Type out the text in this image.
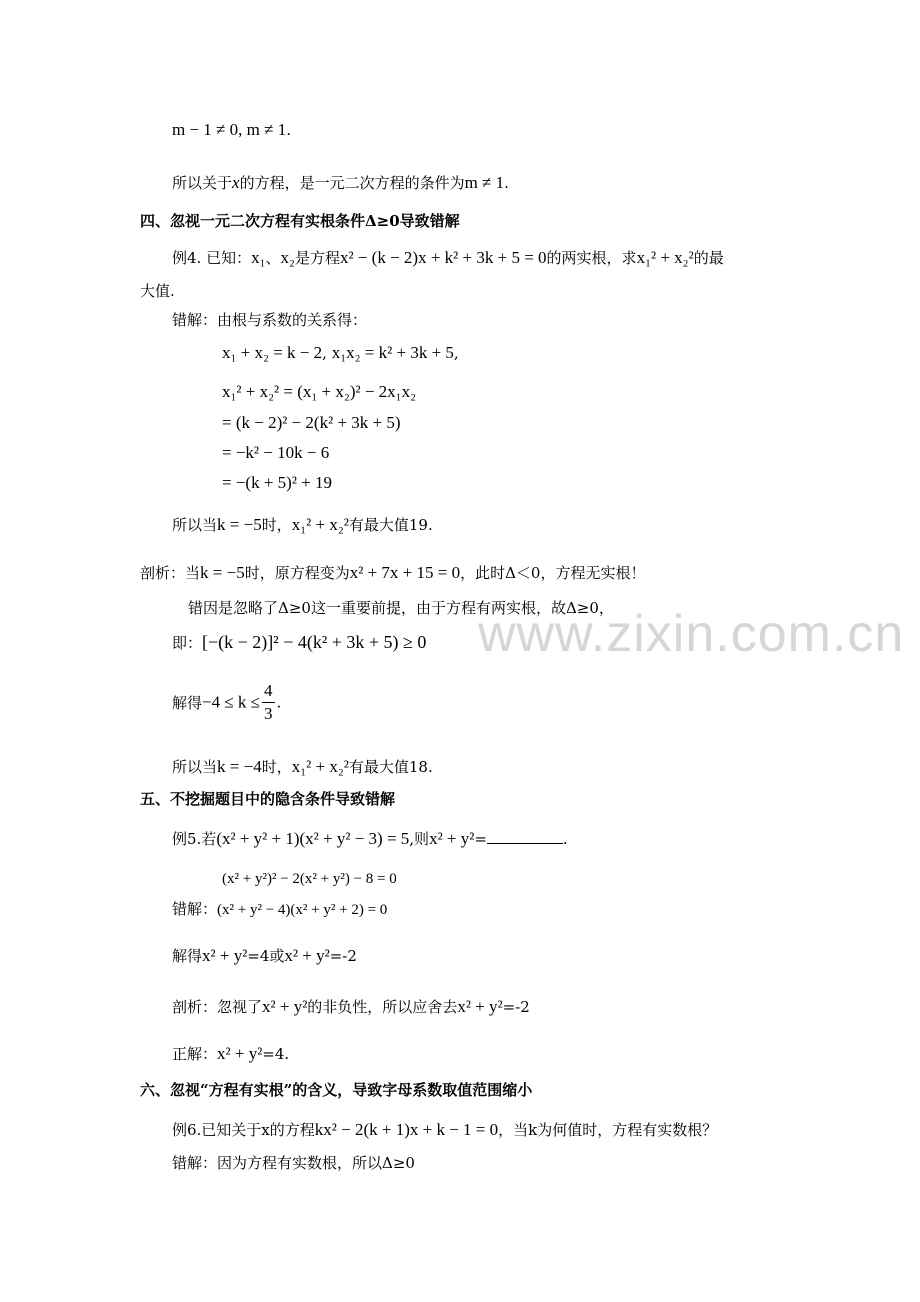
www.zixin.com.cn
m − 1 ≠ 0, m ≠ 1.
所以关于x的方程，是一元二次方程的条件为m ≠ 1.
四、忽视一元二次方程有实根条件Δ≥0导致错解
例4. 已知：x₁、x₂是方程x² − (k − 2)x + k² + 3k + 5 = 0的两实根，求x₁² + x₂²的最
大值.
错解：由根与系数的关系得：
x₁ + x₂ = k − 2, x₁x₂ = k² + 3k + 5,
x₁² + x₂² = (x₁ + x₂)² − 2x₁x₂
= (k − 2)² − 2(k² + 3k + 5)
= −k² − 10k − 6
= −(k + 5)² + 19
所以当k = −5时，x₁² + x₂²有最大值19.
剖析：当k = −5时，原方程变为x² + 7x + 15 = 0，此时Δ＜0，方程无实根！
错因是忽略了Δ≥0这一重要前提，由于方程有两实根，故Δ≥0，
即：[−(k − 2)]² − 4(k² + 3k + 5) ≥ 0
解得$-4 \le k \le \frac{4}{3}$ .
所以当k = −4时，x₁² + x₂²有最大值18.
五、不挖掘题目中的隐含条件导致错解
例5.若(x² + y² + 1)(x² + y² − 3) = 5,则x² + y²=	.
(x² + y²)² − 2(x² + y²) − 8 = 0
错解：(x² + y² − 4)(x² + y² + 2) = 0
解得x² + y²=4或x² + y²=-2
剖析：忽视了x² + y²的非负性，所以应舍去x² + y²=-2
正解：x² + y²=4.
六、忽视“方程有实根”的含义，导致字母系数取值范围缩小
例6.已知关于x的方程kx² − 2(k + 1)x + k − 1 = 0，当k为何值时，方程有实数根？
错解：因为方程有实数根，所以Δ≥0
